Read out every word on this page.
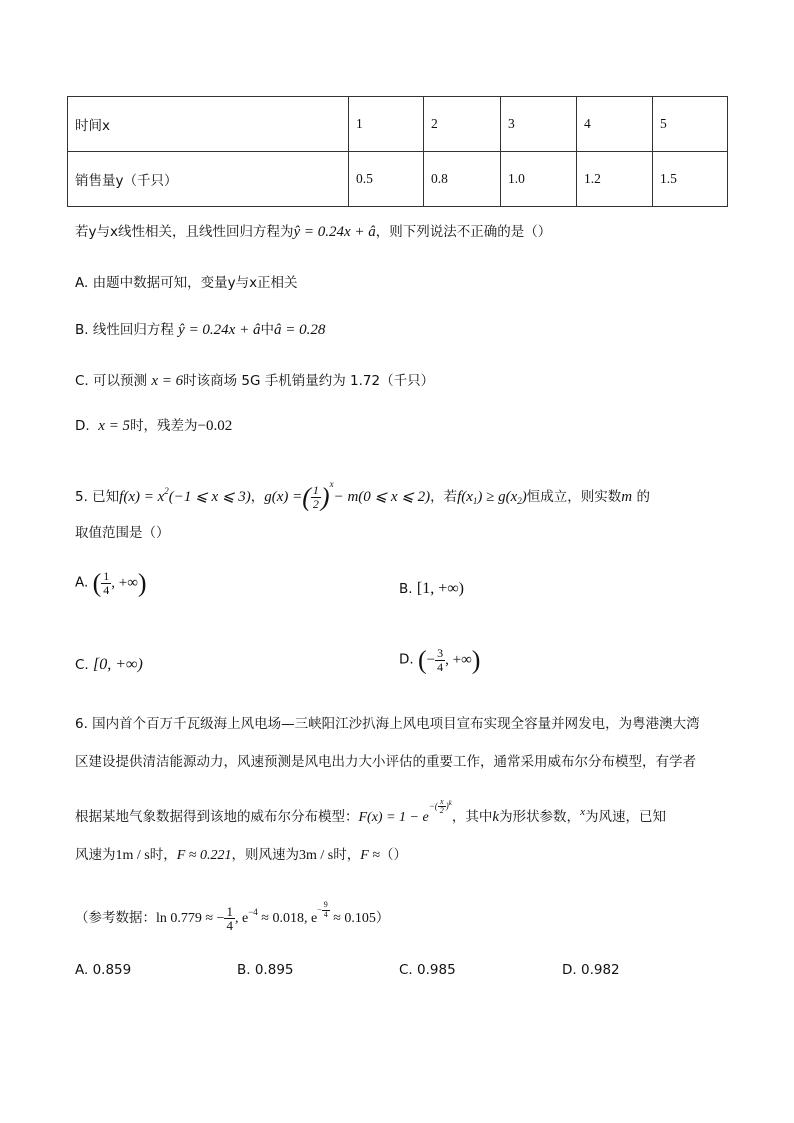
时间x	1	2	3	4	5
销售量y（千只）	0.5	0.8	1.0	1.2	1.5
若y与x线性相关，且线性回归方程为ŷ = 0.24x + â，则下列说法不正确的是（）
A. 由题中数据可知，变量y与x正相关
B. 线性回归方程 ŷ = 0.24x + â中â = 0.28
C. 可以预测 x = 6时该商场 5G 手机销量约为 1.72（千只）
D. x = 5时，残差为−0.02
5. 已知$f(x) = x^2(-1$ ⩽ x ⩽ 3)，g(x) =( $\frac{1}{2} )^x- m(0$ ⩽ x ⩽ 2)，若$f(x_1) \ge g(x_2)$恒成立，则实数m 的
取值范围是（）
A. ( $\frac{1}{4}$ , +∞)	B. [1, +∞)
C. [0, +∞)	D. (− $\frac{3}{4}$ , +∞)
6. 国内首个百万千瓦级海上风电场—三峡阳江沙扒海上风电项目宣布实现全容量并网发电，为粤港澳大湾
区建设提供清洁能源动力，风速预测是风电出力大小评估的重要工作，通常采用威布尔分布模型，有学者
根据某地气象数据得到该地的威布尔分布模型：$F(x) = 1 - e-( \frac{x}{2} )^k$，其中k为形状参数，$^x$为风速，已知
风速为1m / s时，F ≈ 0.221，则风速为3m / s时，F ≈（）
（参考数据：ln 0.779 ≈ − $\frac{1}{4}$ , $e^{-4} \approx 0.018$, $e- \frac{9}{4} \approx 0.105$）
A. 0.859	B. 0.895	C. 0.985	D. 0.982
